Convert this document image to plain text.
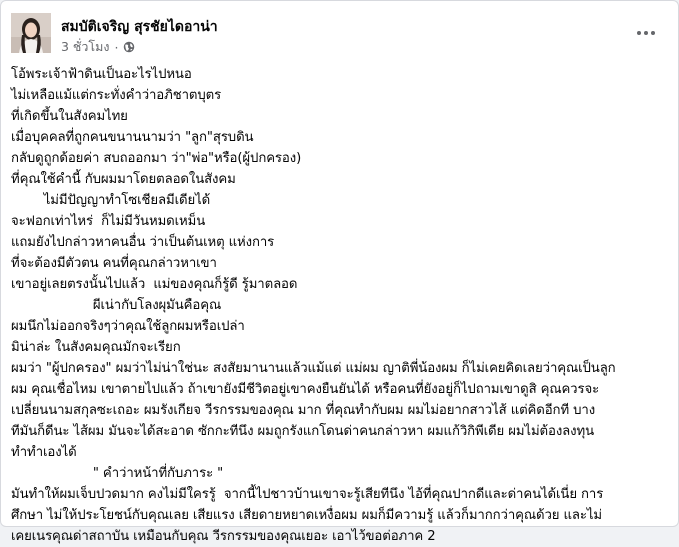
สมบัติเจริญ สุรชัยไดอาน่า
3 ชั่วโมง ·
โอ้พระเจ้าฟ้าดินเป็นอะไรไปหนอ
ไม่เหลือแม้แต่กระทั่งคำว่าอภิชาตบุตร
ที่เกิดขึ้นในสังคมไทย
เมื่อบุคคลที่ถูกคนขนานนามว่า "ลูก"สุรบดิน
กลับดูถูกด้อยค่า สบถออกมา ว่า"พ่อ"หรือ(ผู้ปกครอง)
ที่คุณใช้คำนี้ กับผมมาโดยตลอดในสังคม
ไม่มีปัญญาทำโซเชียลมีเดียได้
จะฟอกเท่าไหร่  ก็ไม่มีวันหมดเหม็น
แถมยังไปกล่าวหาคนอื่น ว่าเป็นต้นเหตุ แห่งการ
ที่จะต้องมีตัวตน คนที่คุณกล่าวหาเขา
เขาอยู่เลยตรงนั้นไปแล้ว  แม่ของคุณก็รู้ดี รู้มาตลอด
ผีเน่ากับโลงผุมันคือคุณ
ผมนึกไม่ออกจริงๆว่าคุณใช้ลูกผมหรือเปล่า
มิน่าล่ะ ในสังคมคุณมักจะเรียก
ผมว่า "ผู้ปกครอง" ผมว่าไม่น่าใช่นะ สงสัยมานานแล้วแม้แต่ แม่ผม ญาติพี่น้องผม ก็ไม่เคยคิดเลยว่าคุณเป็นลูก
ผม คุณเชื่อไหม เขาตายไปแล้ว ถ้าเขายังมีชีวิตอยู่เขาคงยืนยันได้ หรือคนที่ยังอยู่ก็ไปถามเขาดูสิ คุณควรจะ
เปลี่ยนนามสกุลซะเถอะ ผมรังเกียจ วีรกรรมของคุณ มาก ที่คุณทำกับผม ผมไม่อยากสาวไส้ แต่คิดอีกที บาง
ทีมันก็ดีนะ ไส้ผม มันจะได้สะอาด ซักกะทีนึง ผมถูกรังแกโดนด่าคนกล่าวหา ผมแก้วิกิพีเดีย ผมไม่ต้องลงทุน
ทำทำเองได้
" คำว่าหน้าที่กับภาระ "
มันทำให้ผมเจ็บปวดมาก คงไม่มีใครรู้  จากนี้ไปชาวบ้านเขาจะรู้เสียทีนึง ไอ้ที่คุณปากดีและด่าคนได้เนี่ย การ
ศึกษา ไม่ให้ประโยชน์กับคุณเลย เสียแรง เสียดายหยาดเหงื่อผม ผมก็มีความรู้ แล้วก็มากกว่าคุณด้วย และไม่
เคยเนรคุณด่าสถาบัน เหมือนกับคุณ วีรกรรมของคุณเยอะ เอาไว้ขอต่อภาค 2
